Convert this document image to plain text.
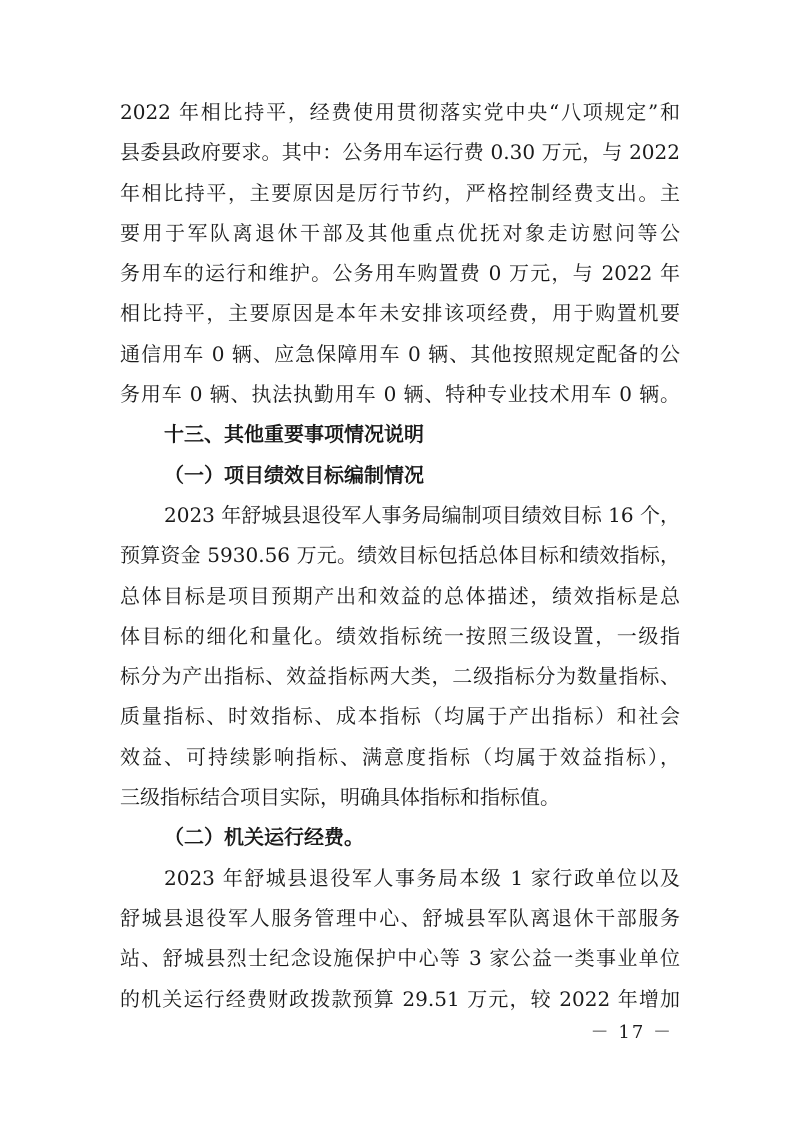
2022 年相比持平，经费使用贯彻落实党中央“八项规定”和
县委县政府要求。其中：公务用车运行费 0.30 万元，与 2022
年相比持平，主要原因是厉行节约，严格控制经费支出。主
要用于军队离退休干部及其他重点优抚对象走访慰问等公
务用车的运行和维护。公务用车购置费 0 万元，与 2022 年
相比持平，主要原因是本年未安排该项经费，用于购置机要
通信用车 0 辆、应急保障用车 0 辆、其他按照规定配备的公
务用车 0 辆、执法执勤用车 0 辆、特种专业技术用车 0 辆。
十三、其他重要事项情况说明
（一）项目绩效目标编制情况
2023 年舒城县退役军人事务局编制项目绩效目标 16 个，
预算资金 5930.56 万元。绩效目标包括总体目标和绩效指标，
总体目标是项目预期产出和效益的总体描述，绩效指标是总
体目标的细化和量化。绩效指标统一按照三级设置，一级指
标分为产出指标、效益指标两大类，二级指标分为数量指标、
质量指标、时效指标、成本指标（均属于产出指标）和社会
效益、可持续影响指标、满意度指标（均属于效益指标），
三级指标结合项目实际，明确具体指标和指标值。
（二）机关运行经费。
2023 年舒城县退役军人事务局本级 1 家行政单位以及
舒城县退役军人服务管理中心、舒城县军队离退休干部服务
站、舒城县烈士纪念设施保护中心等 3 家公益一类事业单位
的机关运行经费财政拨款预算 29.51 万元，较 2022 年增加
－ 17 －
